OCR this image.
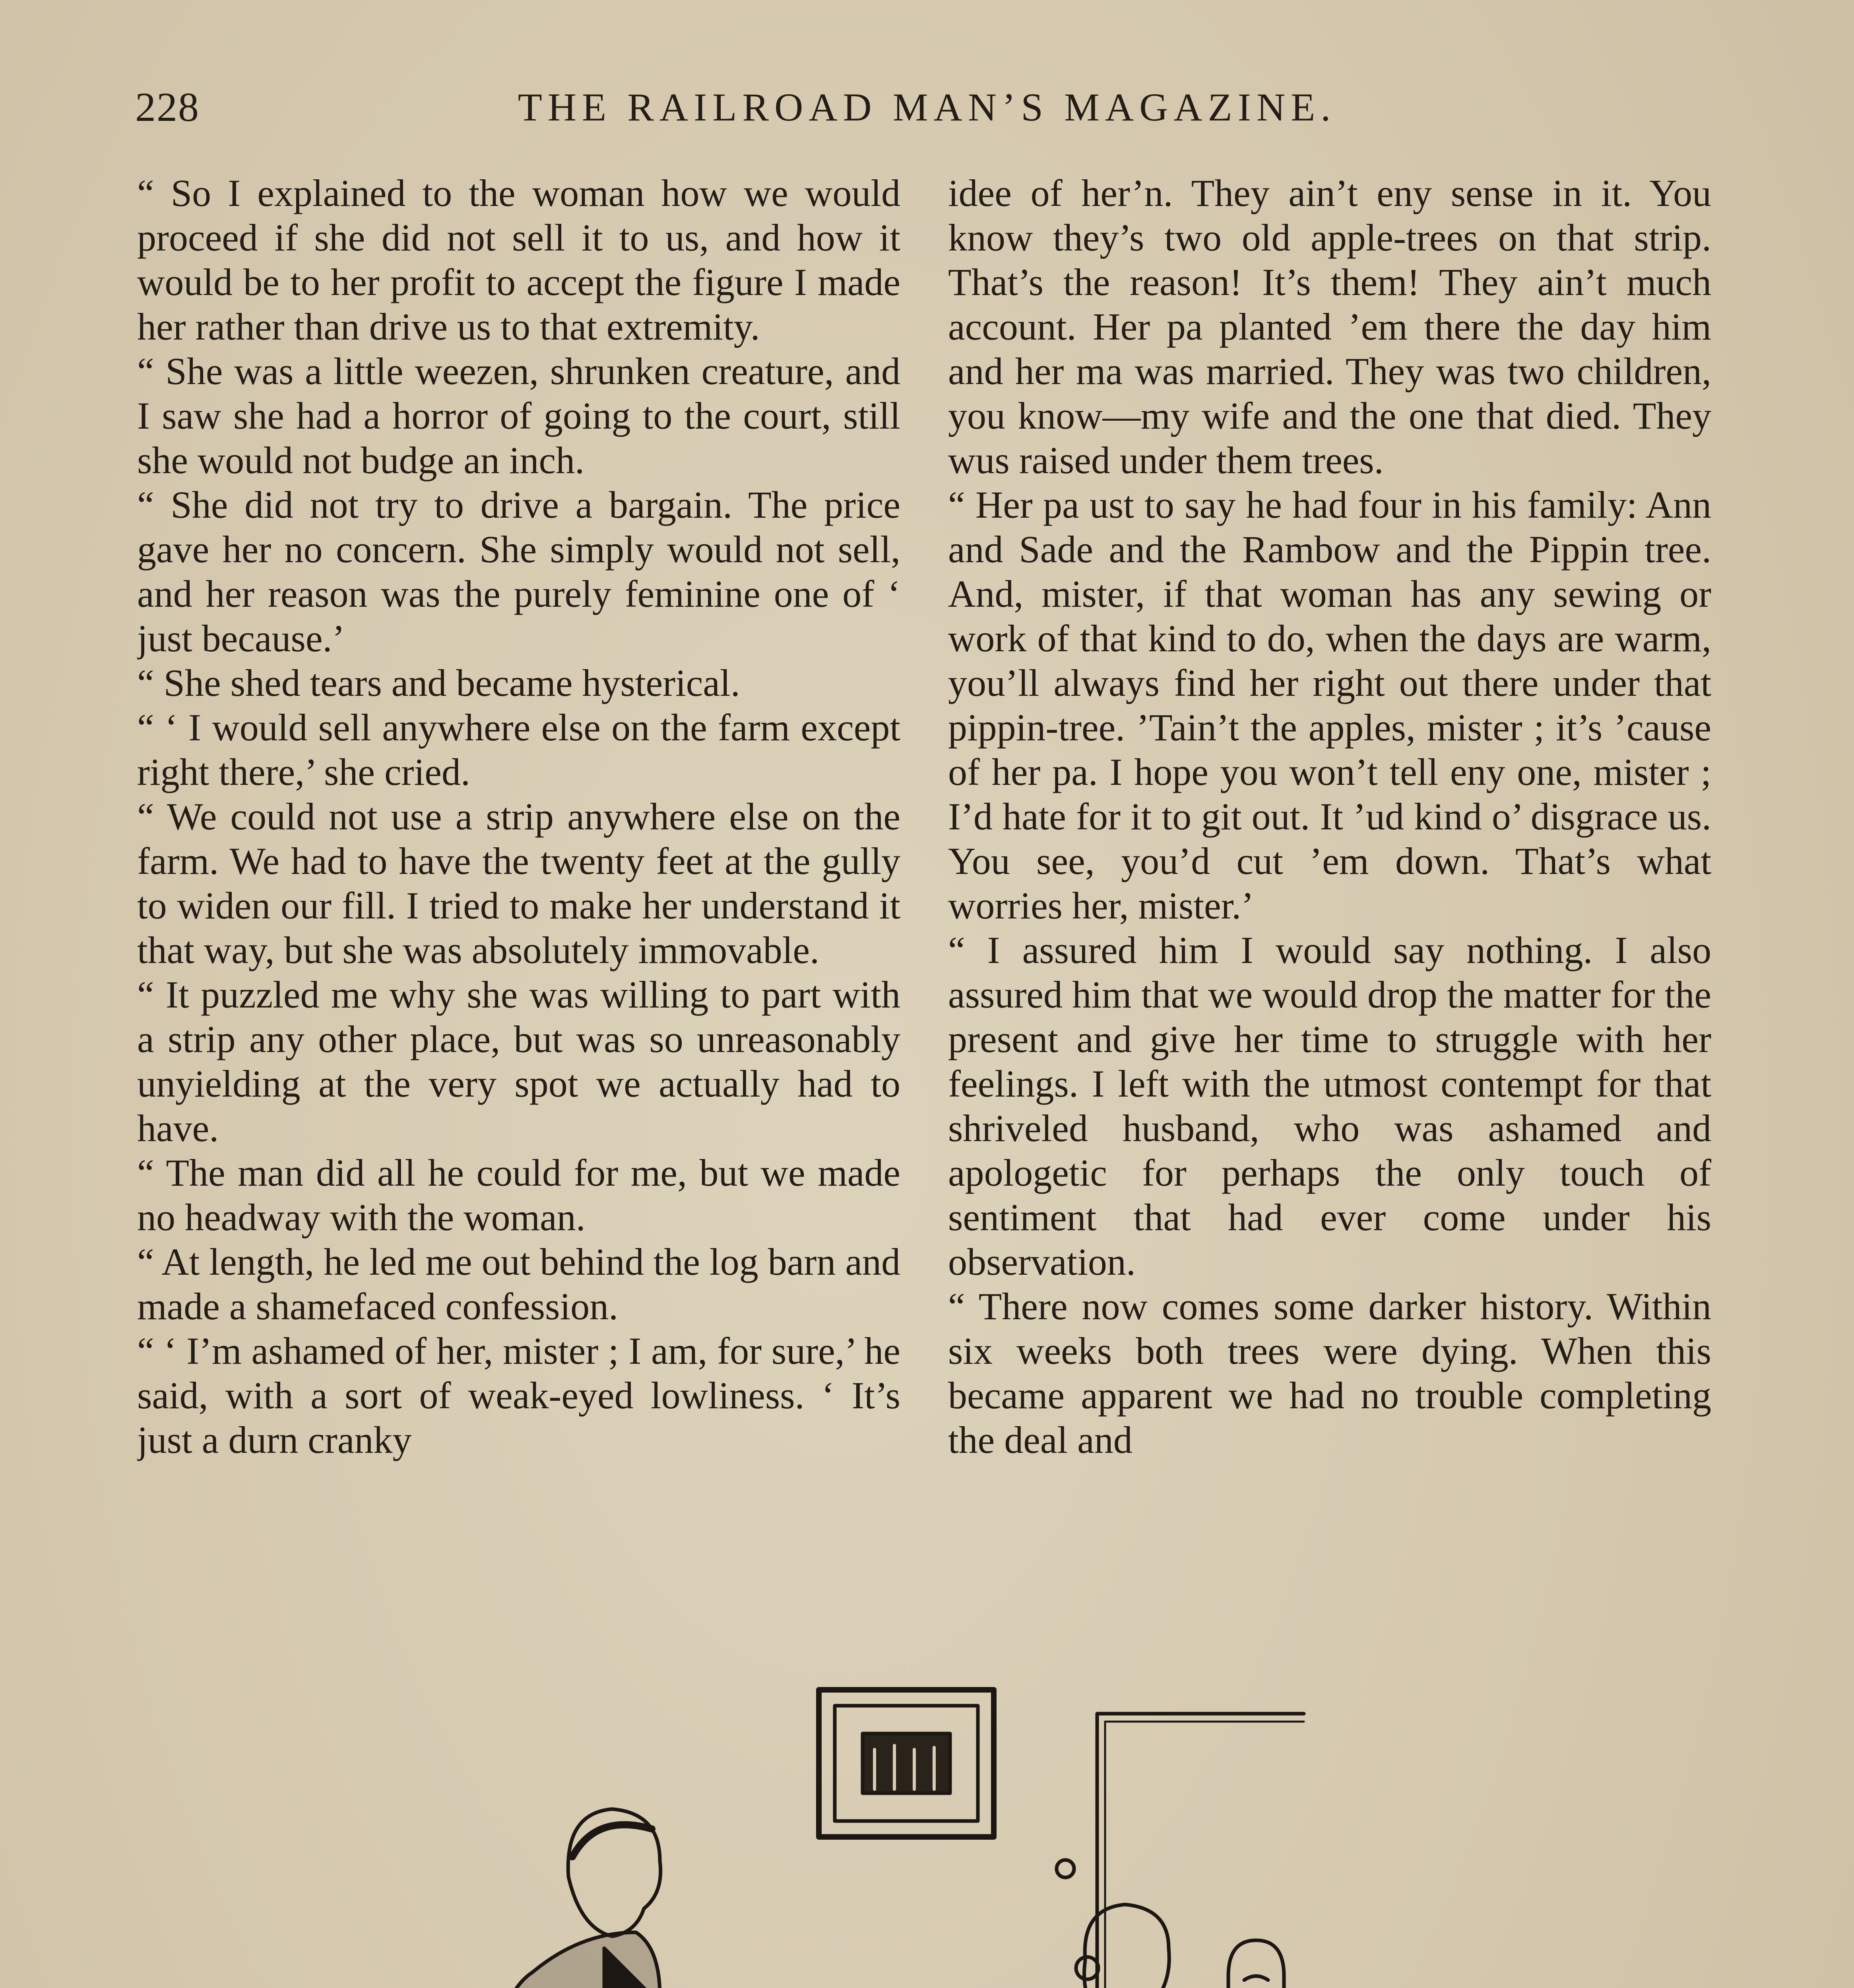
228	THE RAILROAD MAN’S MAGAZINE.

“ So I explained to the woman how we would proceed if she did not sell it to us, and how it would be to her profit to accept the figure I made her rather than drive us to that extremity.

“ She was a little weezen, shrunken creature, and I saw she had a horror of going to the court, still she would not budge an inch.

“ She did not try to drive a bargain. The price gave her no concern. She simply would not sell, and her reason was the purely feminine one of ‘ just because.’

“ She shed tears and became hysterical.

“ ‘ I would sell anywhere else on the farm except right there,’ she cried.

“ We could not use a strip anywhere else on the farm. We had to have the twenty feet at the gully to widen our fill. I tried to make her understand it that way, but she was absolutely immovable.

“ It puzzled me why she was willing to part with a strip any other place, but was so unreasonably unyielding at the very spot we actually had to have.

“ The man did all he could for me, but we made no headway with the woman.

“ At length, he led me out behind the log barn and made a shamefaced confession.

“ ‘ I’m ashamed of her, mister ; I am, for sure,’ he said, with a sort of weak-eyed lowliness. ‘ It’s just a durn cranky

idee of her’n. They ain’t eny sense in it. You know they’s two old apple-trees on that strip. That’s the reason! It’s them! They ain’t much account. Her pa planted ’em there the day him and her ma was married. They was two children, you know—my wife and the one that died. They wus raised under them trees.

“ Her pa ust to say he had four in his family: Ann and Sade and the Rambow and the Pippin tree. And, mister, if that woman has any sewing or work of that kind to do, when the days are warm, you’ll always find her right out there under that pippin-tree. ’Tain’t the apples, mister ; it’s ’cause of her pa. I hope you won’t tell eny one, mister ; I’d hate for it to git out. It ’ud kind o’ disgrace us. You see, you’d cut ’em down. That’s what worries her, mister.’

“ I assured him I would say nothing. I also assured him that we would drop the matter for the present and give her time to struggle with her feelings. I left with the utmost contempt for that shriveled husband, who was ashamed and apologetic for perhaps the only touch of sentiment that had ever come under his observation.

“ There now comes some darker history. Within six weeks both trees were dying. When this became apparent we had no trouble completing the deal and
